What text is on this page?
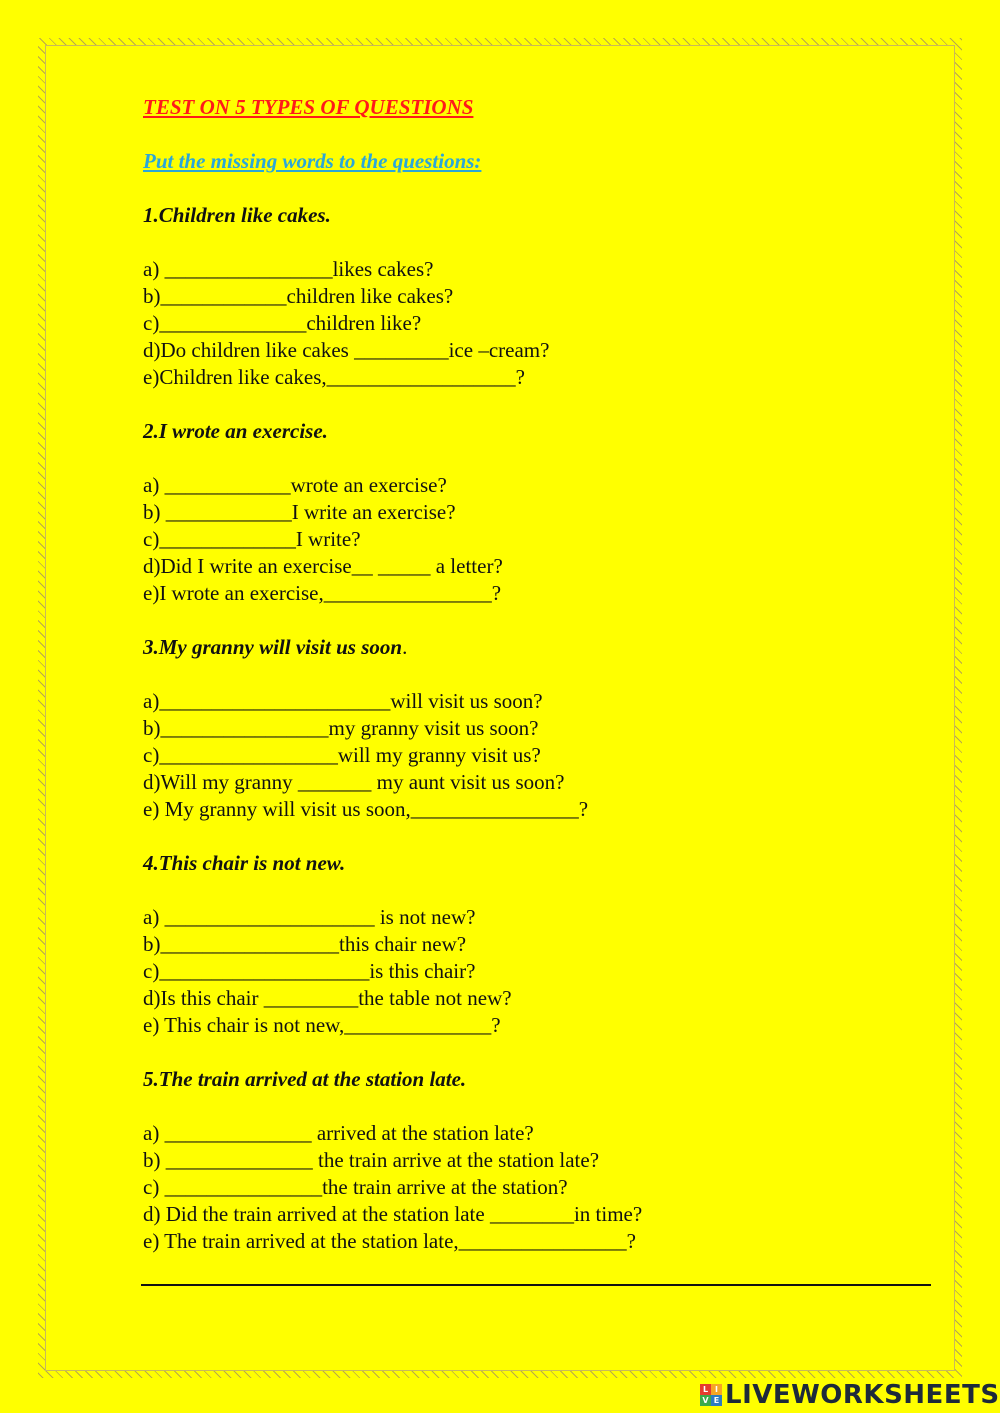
TEST ON 5 TYPES OF QUESTIONS
Put the missing words to the questions:
1.Children like cakes.
a) ________________likes cakes?
b)____________children like cakes?
c)______________children like?
d)Do children like cakes _________ice –cream?
e)Children like cakes,__________________?
2.I wrote an exercise.
a) ____________wrote an exercise?
b) ____________I write an exercise?
c)_____________I write?
d)Did I write an exercise__ _____ a letter?
e)I wrote an exercise,________________?
3.My granny will visit us soon.
a)______________________will visit us soon?
b)________________my granny visit us soon?
c)_________________will my granny visit us?
d)Will my granny _______ my aunt visit us soon?
e) My granny will visit us soon,________________?
4.This chair is not new.
a) ____________________ is not new?
b)_________________this chair new?
c)____________________is this chair?
d)Is this chair _________the table not new?
e) This chair is not new,______________?
5.The train arrived at the station late.
a) ______________ arrived at the station late?
b) ______________ the train arrive at the station late?
c) _______________the train arrive at the station?
d) Did the train arrived at the station late ________in time?
e) The train arrived at the station late,________________?
L I
V E LIVEWORKSHEETS
